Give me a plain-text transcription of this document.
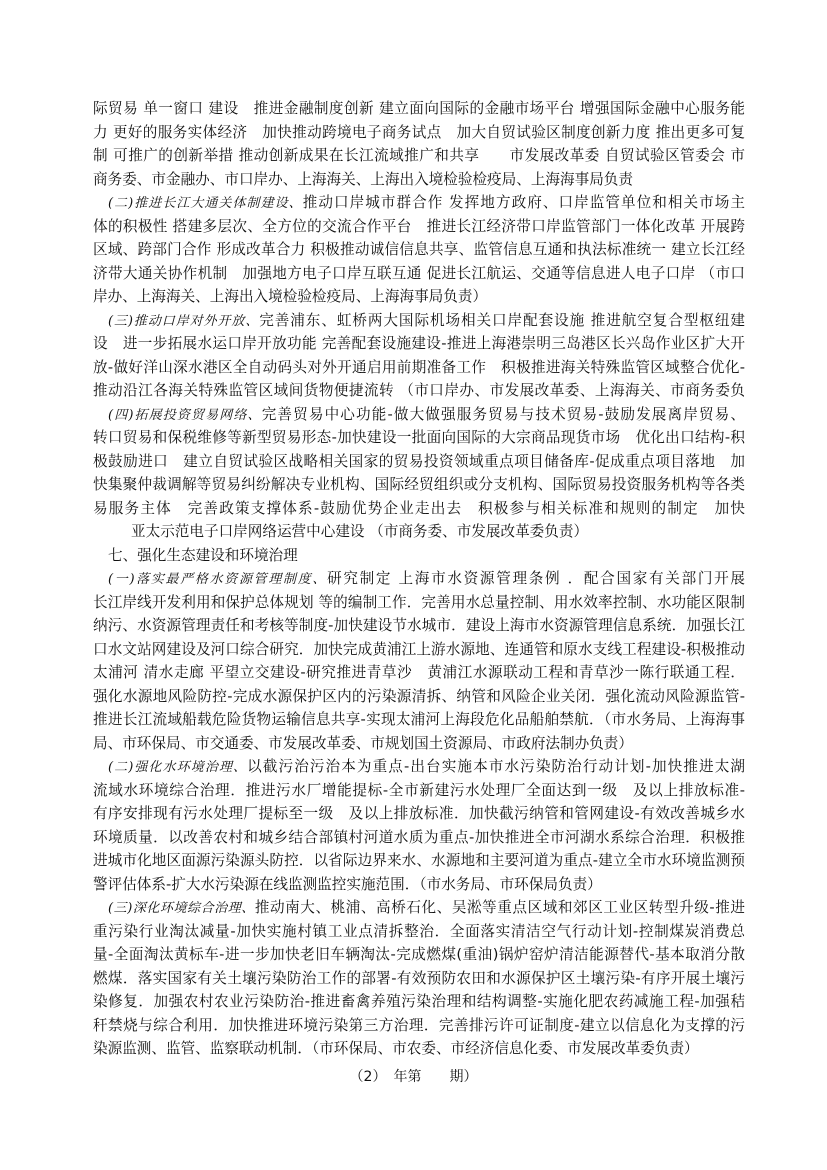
际贸易 单一窗口 建设　推进金融制度创新 建立面向国际的金融市场平台 增强国际金融中心服务能
力 更好的服务实体经济　加快推动跨境电子商务试点　加大自贸试验区制度创新力度 推出更多可复
制 可推广的创新举措 推动创新成果在长江流域推广和共享　　市发展改革委 自贸试验区管委会 市
商务委、市金融办、市口岸办、上海海关、上海出入境检验检疫局、上海海事局负责
(二)推进长江大通关体制建设、推动口岸城市群合作 发挥地方政府、口岸监管单位和相关市场主
体的积极性 搭建多层次、全方位的交流合作平台　推进长江经济带口岸监管部门一体化改革 开展跨
区域、跨部门合作 形成改革合力 积极推动诚信信息共享、监管信息互通和执法标准统一 建立长江经
济带大通关协作机制　加强地方电子口岸互联互通 促进长江航运、交通等信息进人电子口岸 （市口
岸办、上海海关、上海出入境检验检疫局、上海海事局负责）
(三)推动口岸对外开放、完善浦东、虹桥两大国际机场相关口岸配套设施 推进航空复合型枢纽建
设　进一步拓展水运口岸开放功能 完善配套设施建设-推进上海港崇明三岛港区长兴岛作业区扩大开
放-做好洋山深水港区全自动码头对外开通启用前期准备工作　积极推进海关特殊监管区域整合优化-
推动沿江各海关特殊监管区域间货物便捷流转 （市口岸办、市发展改革委、上海海关、市商务委负
(四)拓展投资贸易网络、完善贸易中心功能-做大做强服务贸易与技术贸易-鼓励发展离岸贸易、
转口贸易和保税维修等新型贸易形态-加快建设一批面向国际的大宗商品现货市场　优化出口结构-积
极鼓励进口　建立自贸试验区战略相关国家的贸易投资领域重点项目储备库-促成重点项目落地　加
快集聚仲裁调解等贸易纠纷解决专业机构、国际经贸组织或分支机构、国际贸易投资服务机构等各类
易服务主体　完善政策支撑体系-鼓励优势企业走出去　积极参与相关标准和规则的制定　加快
亚太示范电子口岸网络运营中心建设 （市商务委、市发展改革委负责）
七、强化生态建设和环境治理
(一)落实最严格水资源管理制度、研究制定 上海市水资源管理条例 ．配合国家有关部门开展
长江岸线开发利用和保护总体规划 等的编制工作．完善用水总量控制、用水效率控制、水功能区限制
纳污、水资源管理责任和考核等制度-加快建设节水城市．建设上海市水资源管理信息系统．加强长江
口水文站网建设及河口综合研究．加快完成黄浦江上游水源地、连通管和原水支线工程建设-积极推动
太浦河 清水走廊 平望立交建设-研究推进青草沙　黄浦江水源联动工程和青草沙一陈行联通工程．
强化水源地风险防控-完成水源保护区内的污染源清拆、纳管和风险企业关闭．强化流动风险源监管-
推进长江流域船载危险货物运输信息共享-实现太浦河上海段危化品船舶禁航．（市水务局、上海海事
局、市环保局、市交通委、市发展改革委、市规划国土资源局、市政府法制办负责）
(二)强化水环境治理、以截污治污治本为重点-出台实施本市水污染防治行动计划-加快推进太湖
流域水环境综合治理．推进污水厂增能提标-全市新建污水处理厂全面达到一级　及以上排放标准-
有序安排现有污水处理厂提标至一级　及以上排放标准．加快截污纳管和管网建设-有效改善城乡水
环境质量．以改善农村和城乡结合部镇村河道水质为重点-加快推进全市河湖水系综合治理．积极推
进城市化地区面源污染源头防控．以省际边界来水、水源地和主要河道为重点-建立全市水环境监测预
警评估体系-扩大水污染源在线监测监控实施范围．（市水务局、市环保局负责）
(三)深化环境综合治理、推动南大、桃浦、高桥石化、吴淞等重点区域和郊区工业区转型升级-推进
重污染行业淘汰减量-加快实施村镇工业点清拆整治．全面落实清洁空气行动计划-控制煤炭消费总
量-全面淘汰黄标车-进一步加快老旧车辆淘汰-完成燃煤(重油)锅炉窑炉清洁能源替代-基本取消分散
燃煤．落实国家有关土壤污染防治工作的部署-有效预防农田和水源保护区土壤污染-有序开展土壤污
染修复．加强农村农业污染防治-推进畜禽养殖污染治理和结构调整-实施化肥农药减施工程-加强秸
秆禁烧与综合利用．加快推进环境污染第三方治理．完善排污许可证制度-建立以信息化为支撑的污
染源监测、监管、监察联动机制．（市环保局、市农委、市经济信息化委、市发展改革委负责）
（2）　年第　　期）
